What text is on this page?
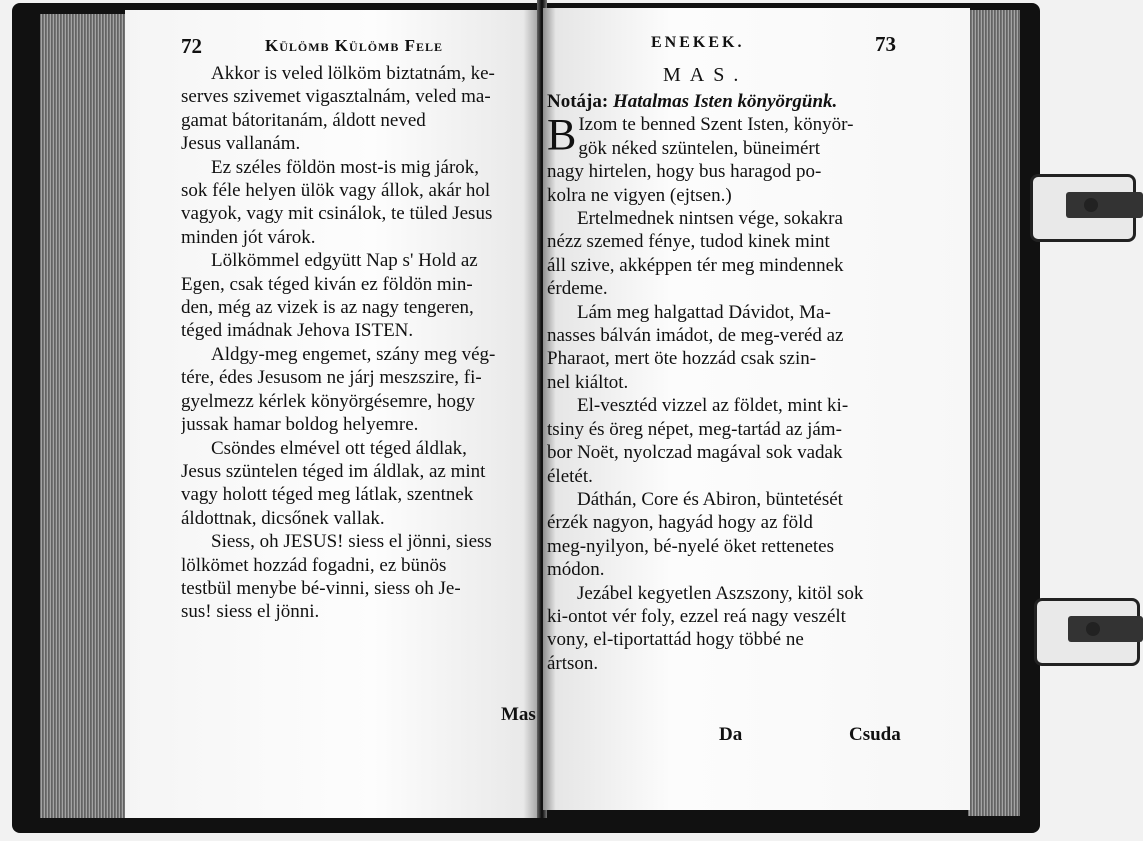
72	Külömb Külömb Fele
Akkor is veled lölköm biztatnám, ke-
serves szivemet vigasztalnám, veled ma-
gamat bátoritanám, áldott neved
Jesus vallanám.
Ez széles földön most-is mig járok,
sok féle helyen ülök vagy állok, akár hol
vagyok, vagy mit csinálok, te tüled Jesus
minden jót várok.
Lölkömmel edgyütt Nap s' Hold az
Egen, csak téged kiván ez földön min-
den, még az vizek is az nagy tengeren,
téged imádnak Jehova ISTEN.
Aldgy-meg engemet, szány meg vég-
tére, édes Jesusom ne járj meszszire, fi-
gyelmezz kérlek könyörgésemre, hogy
jussak hamar boldog helyemre.
Csöndes elmével ott téged áldlak,
Jesus szüntelen téged im áldlak, az mint
vagy holott téged meg látlak, szentnek
áldottnak, dicsőnek vallak.
Siess, oh JESUS! siess el jönni, siess
lölkömet hozzád fogadni, ez bünös
testbül menybe bé-vinni, siess oh Je-
sus! siess el jönni.
Mas
ENEKEK.	73
MAS.
Notája: Hatalmas Isten könyörgünk.
B Izom te benned Szent Isten, könyör-
gök néked szüntelen, büneimért
nagy hirtelen, hogy bus haragod po-
kolra ne vigyen (ejtsen.)
Ertelmednek nintsen vége, sokakra
nézz szemed fénye, tudod kinek mint
áll szive, akképpen tér meg mindennek
érdeme.
Lám meg halgattad Dávidot, Ma-
nasses bálván imádot, de meg-veréd az
Pharaot, mert öte hozzád csak szin-
nel kiáltot.
El-vesztéd vizzel az földet, mint ki-
tsiny és öreg népet, meg-tartád az jám-
bor Noët, nyolczad magával sok vadak
életét.
Dáthán, Core és Abiron, büntetését
érzék nagyon, hagyád hogy az föld
meg-nyilyon, bé-nyelé öket rettenetes
módon.
Jezábel kegyetlen Aszszony, kitöl sok
ki-ontot vér foly, ezzel reá nagy veszélt
vony, el-tiportattád hogy többé ne
ártson.
Da	Csuda
